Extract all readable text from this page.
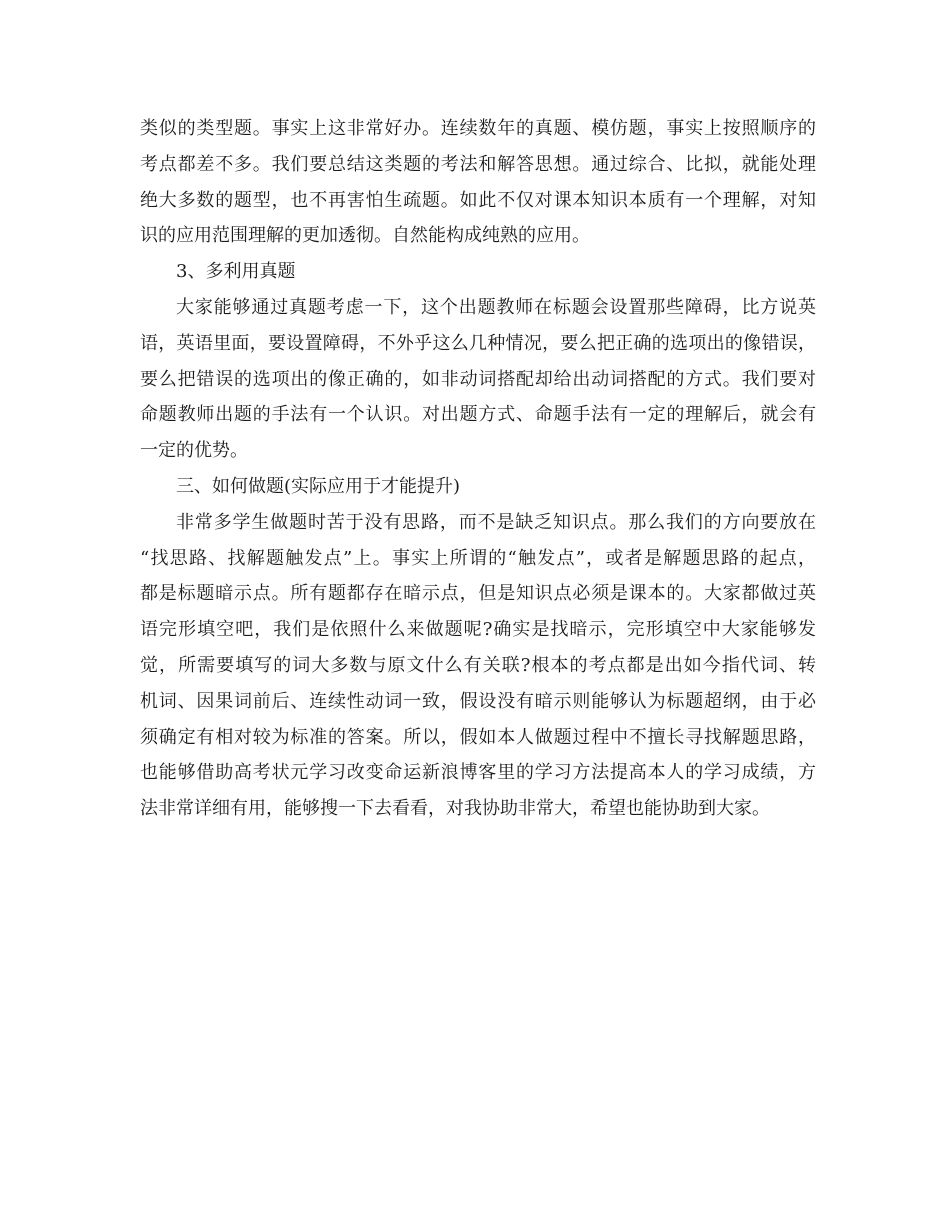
类似的类型题。事实上这非常好办。连续数年的真题、模仿题，事实上按照顺序的
考点都差不多。我们要总结这类题的考法和解答思想。通过综合、比拟，就能处理
绝大多数的题型，也不再害怕生疏题。如此不仅对课本知识本质有一个理解，对知
识的应用范围理解的更加透彻。自然能构成纯熟的应用。
3、多利用真题
大家能够通过真题考虑一下，这个出题教师在标题会设置那些障碍，比方说英
语，英语里面，要设置障碍，不外乎这么几种情况，要么把正确的选项出的像错误，
要么把错误的选项出的像正确的，如非动词搭配却给出动词搭配的方式。我们要对
命题教师出题的手法有一个认识。对出题方式、命题手法有一定的理解后，就会有
一定的优势。
三、如何做题(实际应用于才能提升)
非常多学生做题时苦于没有思路，而不是缺乏知识点。那么我们的方向要放在
“找思路、找解题触发点”上。事实上所谓的“触发点”，或者是解题思路的起点，
都是标题暗示点。所有题都存在暗示点，但是知识点必须是课本的。大家都做过英
语完形填空吧，我们是依照什么来做题呢?确实是找暗示，完形填空中大家能够发
觉，所需要填写的词大多数与原文什么有关联?根本的考点都是出如今指代词、转
机词、因果词前后、连续性动词一致，假设没有暗示则能够认为标题超纲，由于必
须确定有相对较为标准的答案。所以，假如本人做题过程中不擅长寻找解题思路，
也能够借助高考状元学习改变命运新浪博客里的学习方法提高本人的学习成绩，方
法非常详细有用，能够搜一下去看看，对我协助非常大，希望也能协助到大家。
